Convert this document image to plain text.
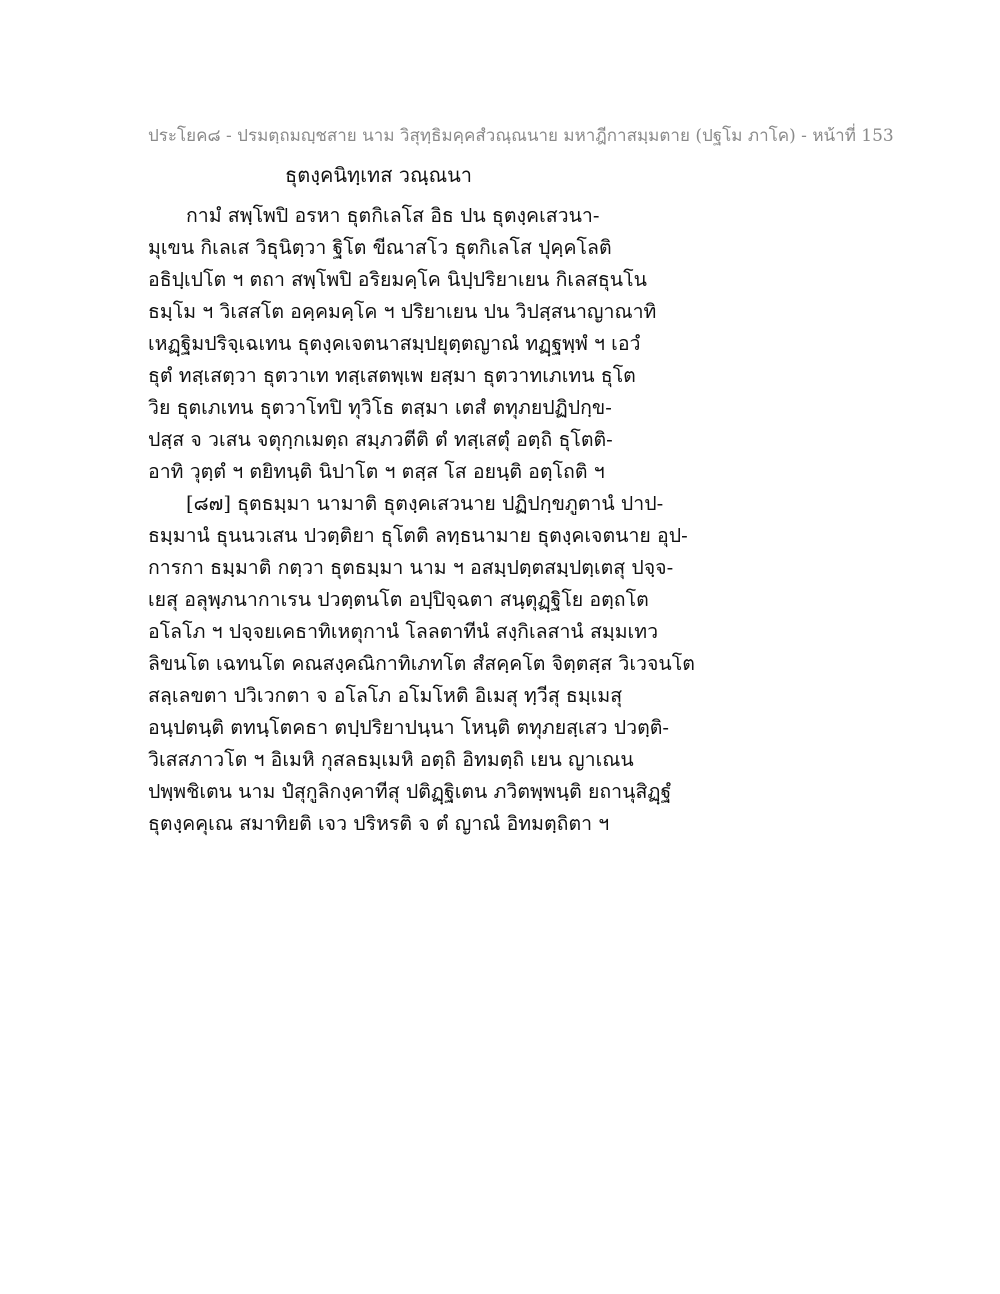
ประโยค๘ - ปรมตฺถมญฺชสาย นาม วิสุทฺธิมคฺคสํวณฺณนาย มหาฎีกาสมฺมตาย (ปฐโม ภาโค) - หน้าที่ 153
ธุตงฺคนิทฺเทส วณฺณนา
กามํ สพฺโพปิ อรหา ธุตกิเลโส อิธ ปน ธุตงฺคเสวนา-
มุเขน กิเลเส วิธุนิตฺวา ฐิโต ขีณาสโว ธุตกิเลโส ปุคฺคโลติ
อธิปฺเปโต ฯ ตถา สพฺโพปิ อริยมคฺโค นิปฺปริยาเยน กิเลสธุนโน
ธมฺโม ฯ วิเสสโต อคฺคมคฺโค ฯ ปริยาเยน ปน วิปสฺสนาญาณาทิ
เหฏฺฐิมปริจฺเฉเทน ธุตงฺคเจตนาสมฺปยุตฺตญาณํ ทฏฺฐพฺพํ ฯ เอวํ
ธุตํ ทสฺเสตฺวา ธุตวาเท ทสฺเสตพฺเพ ยสฺมา ธุตวาทเภเทน ธุโต
วิย ธุตเภเทน ธุตวาโทปิ ทุวิโธ ตสฺมา เตสํ ตทุภยปฏิปกฺข-
ปสฺส จ วเสน จตุกฺกเมตฺถ สมฺภวตีติ ตํ ทสฺเสตุํ อตฺถิ ธุโตติ-
อาทิ วุตฺตํ ฯ ตยิทนฺติ นิปาโต ฯ ตสฺส โส อยนฺติ อตฺโถติ ฯ
[๘๗] ธุตธมฺมา นามาติ ธุตงฺคเสวนาย ปฏิปกฺขภูตานํ ปาป-
ธมฺมานํ ธุนนวเสน ปวตฺติยา ธุโตติ ลทฺธนามาย ธุตงฺคเจตนาย อุป-
การกา ธมฺมาติ กตฺวา ธุตธมฺมา นาม ฯ อสมฺปตฺตสมฺปตฺเตสุ ปจฺจ-
เยสุ อลุพฺภนากาเรน ปวตฺตนโต อปฺปิจฺฉตา สนฺตุฏฺฐิโย อตฺถโต
อโลโภ ฯ ปจฺจยเคธาทิเหตุกานํ โลลตาทีนํ สงฺกิเลสานํ สมฺมเทว
ลิขนโต เฉทนโต คณสงฺคณิกาทิเภทโต สํสคฺคโต จิตฺตสฺส วิเวจนโต
สลฺเลขตา ปวิเวกตา จ อโลโภ อโมโหติ อิเมสุ ทฺวีสุ ธมฺเมสุ
อนฺปตนฺติ ตทนฺโตคธา ตปฺปริยาปนฺนา โหนฺติ ตทุภยสฺเสว ปวตฺติ-
วิเสสภาวโต ฯ อิเมหิ กุสลธมฺเมหิ อตฺถิ อิทมตฺถิ เยน ญาเณน
ปพฺพชิเตน นาม ปํสุกูลิกงฺคาทีสุ ปติฏฺฐิเตน ภวิตพฺพนฺติ ยถานุสิฏฺฐํ
ธุตงฺคคุเณ สมาทิยติ เจว ปริหรติ จ ตํ ญาณํ อิทมตฺถิตา ฯ
